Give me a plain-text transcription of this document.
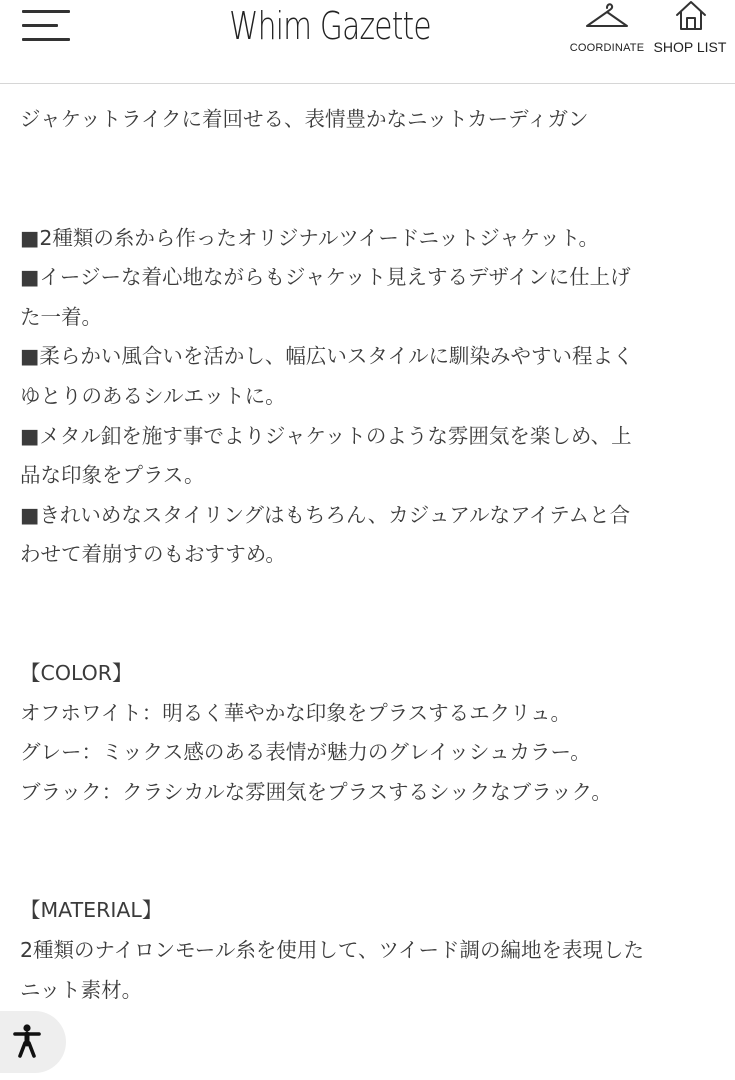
Whim Gazette	COORDINATE SHOP LIST

ジャケットライクに着回せる、表情豊かなニットカーディガン

■2種類の糸から作ったオリジナルツイードニットジャケット。

■イージーな着心地ながらもジャケット見えするデザインに仕上げ

た一着。

■柔らかい風合いを活かし、幅広いスタイルに馴染みやすい程よく

ゆとりのあるシルエットに。

■メタル釦を施す事でよりジャケットのような雰囲気を楽しめ、上

品な印象をプラス。

■きれいめなスタイリングはもちろん、カジュアルなアイテムと合

わせて着崩すのもおすすめ。

【COLOR】

オフホワイト：明るく華やかな印象をプラスするエクリュ。

グレー：ミックス感のある表情が魅力のグレイッシュカラー。

ブラック：クラシカルな雰囲気をプラスするシックなブラック。

【MATERIAL】

2種類のナイロンモール糸を使用して、ツイード調の編地を表現した

ニット素材。
